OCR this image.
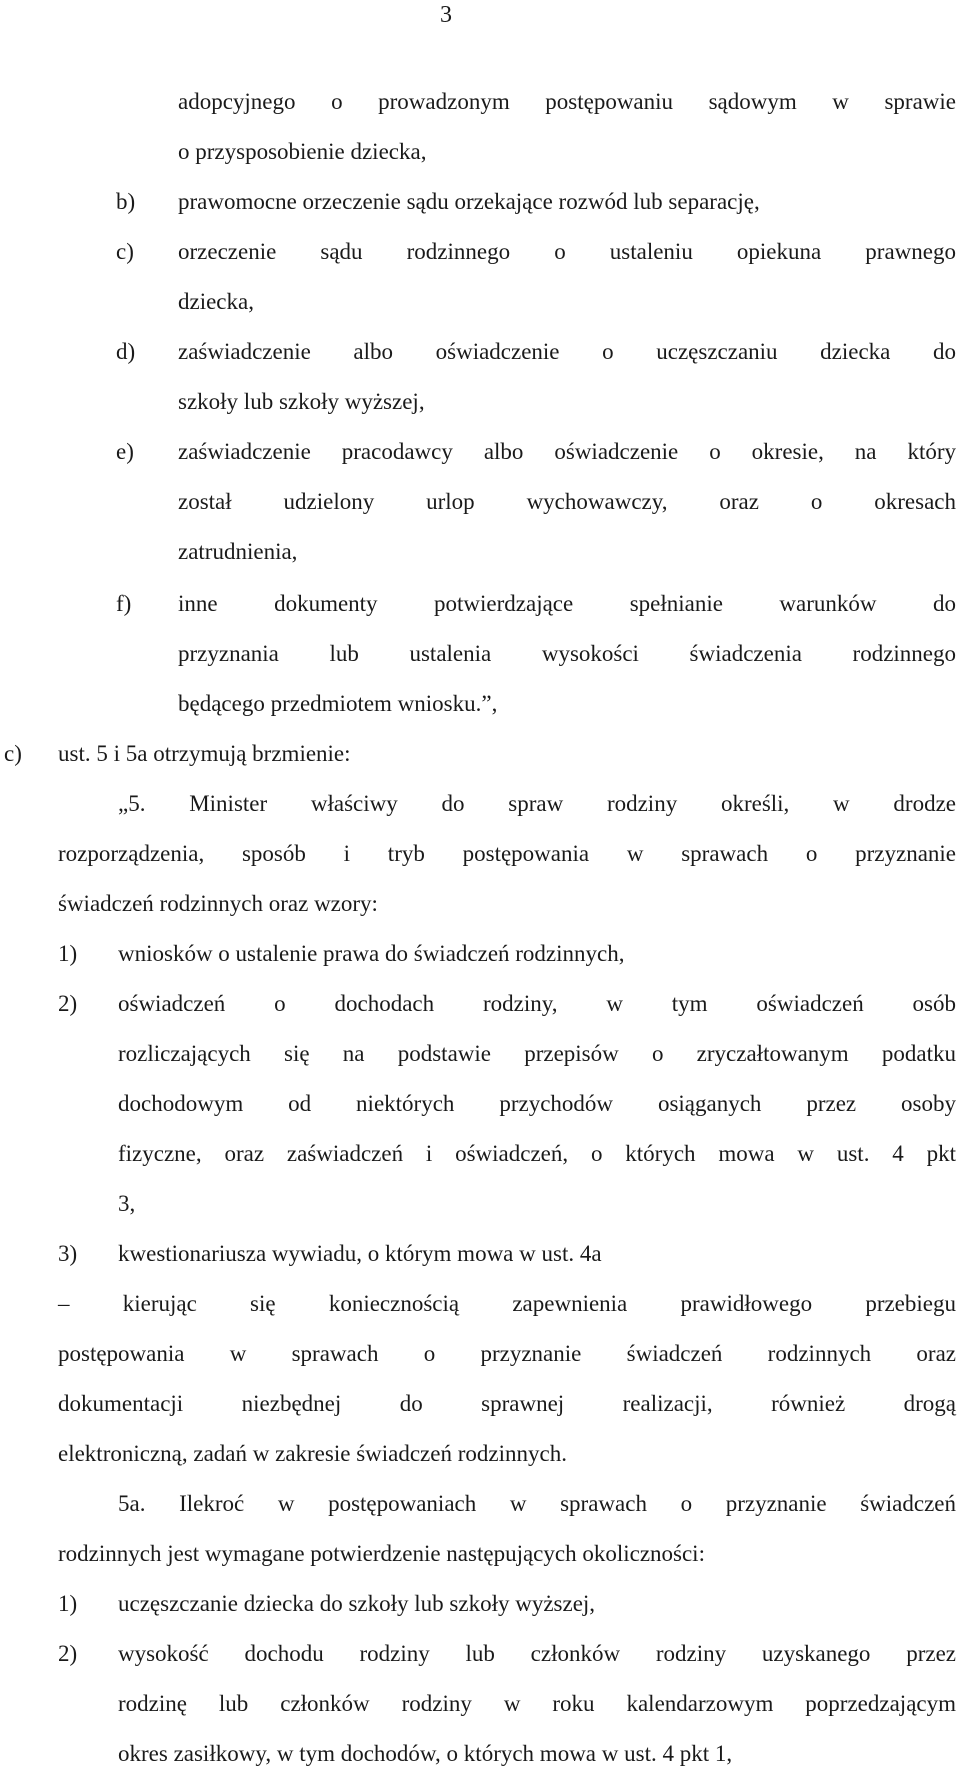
3
adopcyjnego o prowadzonym postępowaniu sądowym w sprawie
o przysposobienie dziecka,
b) prawomocne orzeczenie sądu orzekające rozwód lub separację,
c) orzeczenie sądu rodzinnego o ustaleniu opiekuna prawnego
dziecka,
d) zaświadczenie albo oświadczenie o uczęszczaniu dziecka do
szkoły lub szkoły wyższej,
e) zaświadczenie pracodawcy albo oświadczenie o okresie, na który
został udzielony urlop wychowawczy, oraz o okresach
zatrudnienia,
f) inne dokumenty potwierdzające spełnianie warunków do
przyznania lub ustalenia wysokości świadczenia rodzinnego
będącego przedmiotem wniosku.”,
c) ust. 5 i 5a otrzymują brzmienie:
„5. Minister właściwy do spraw rodziny określi, w drodze
rozporządzenia, sposób i tryb postępowania w sprawach o przyznanie
świadczeń rodzinnych oraz wzory:
1) wniosków o ustalenie prawa do świadczeń rodzinnych,
2) oświadczeń o dochodach rodziny, w tym oświadczeń osób
rozliczających się na podstawie przepisów o zryczałtowanym podatku
dochodowym od niektórych przychodów osiąganych przez osoby
fizyczne, oraz zaświadczeń i oświadczeń, o których mowa w ust. 4 pkt
3,
3) kwestionariusza wywiadu, o którym mowa w ust. 4a
– kierując się koniecznością zapewnienia prawidłowego przebiegu
postępowania w sprawach o przyznanie świadczeń rodzinnych oraz
dokumentacji niezbędnej do sprawnej realizacji, również drogą
elektroniczną, zadań w zakresie świadczeń rodzinnych.
5a. Ilekroć w postępowaniach w sprawach o przyznanie świadczeń
rodzinnych jest wymagane potwierdzenie następujących okoliczności:
1) uczęszczanie dziecka do szkoły lub szkoły wyższej,
2) wysokość dochodu rodziny lub członków rodziny uzyskanego przez
rodzinę lub członków rodziny w roku kalendarzowym poprzedzającym
okres zasiłkowy, w tym dochodów, o których mowa w ust. 4 pkt 1,
